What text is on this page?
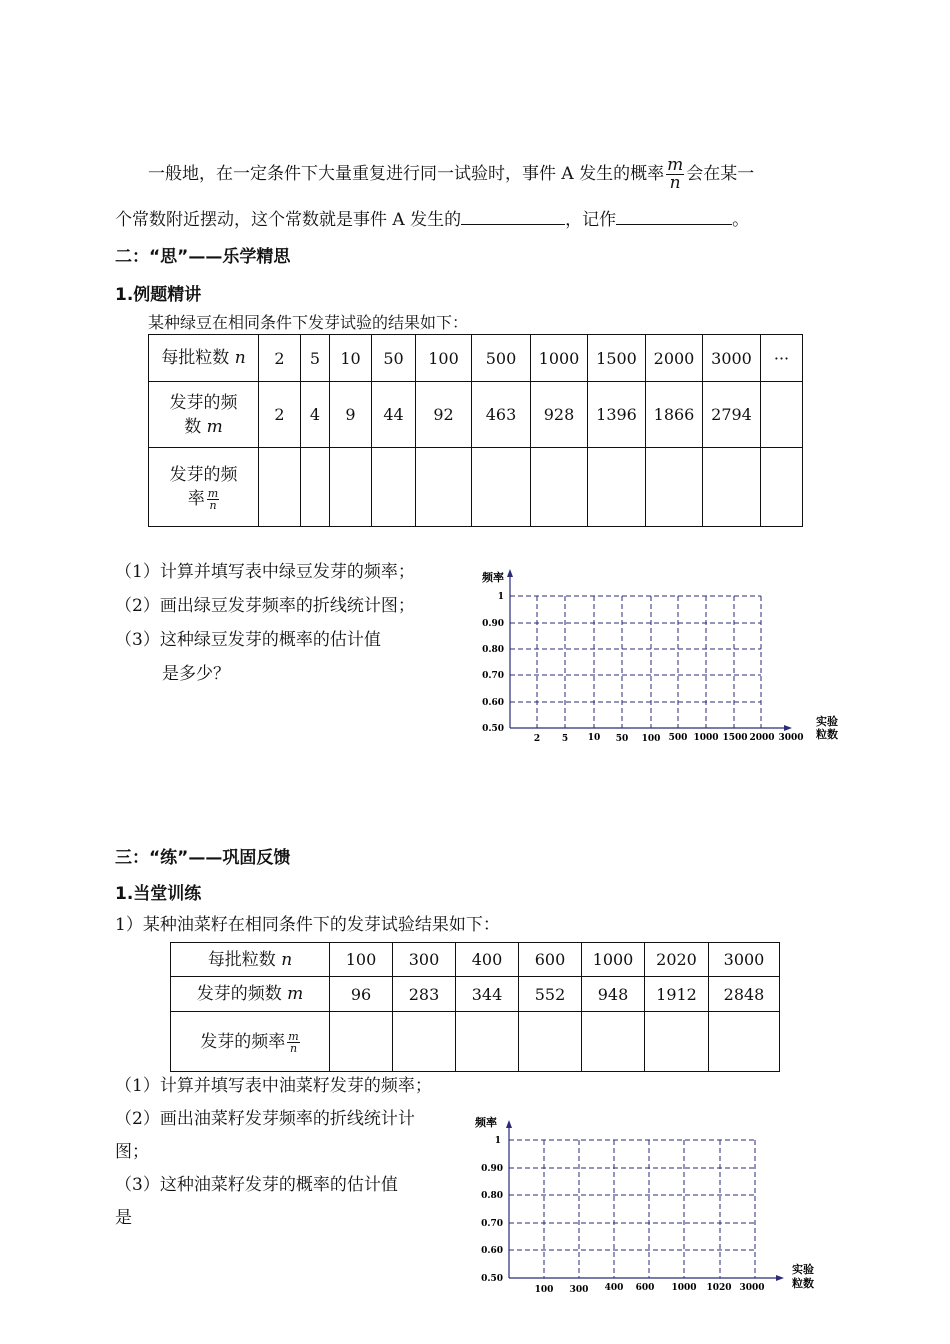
一般地，在一定条件下大量重复进行同一试验时，事件 A 发生的概率 $\frac{m}{n}$ 会在某一
个常数附近摆动，这个常数就是事件 A 发生的	，记作	。
二：“思”——乐学精思
1.例题精讲
某种绿豆在相同条件下发芽试验的结果如下：
每批粒数 n	2	5	10	50	100	500	1000	1500	2000	3000	···

发芽的频
数 m	2	4	9	44	92	463	928	1396	1866	2794	

发芽的频
率 $\frac{m}{n}$

（1）计算并填写表中绿豆发芽的频率；
（2）画出绿豆发芽频率的折线统计图；
（3）这种绿豆发芽的概率的估计值
是多少？
频率
实验
粒数
1
0.90
0.80
0.70
0.60
0.50
2 5 10 50 100 500 1000 1500 2000 3000
三：“练”——巩固反馈
1.当堂训练
1）某种油菜籽在相同条件下的发芽试验结果如下：
每批粒数 n	100	300	400	600	1000	2020	3000
发芽的频数 m	96	283	344	552	948	1912	2848
发芽的频率 $\frac{m}{n}$

（1）计算并填写表中油菜籽发芽的频率；
（2）画出油菜籽发芽频率的折线统计计
图；
（3）这种油菜籽发芽的概率的估计值
是
频率
实验
粒数
1
0.90
0.80
0.70
0.60
0.50
100 300 400 600 1000 1020 3000
